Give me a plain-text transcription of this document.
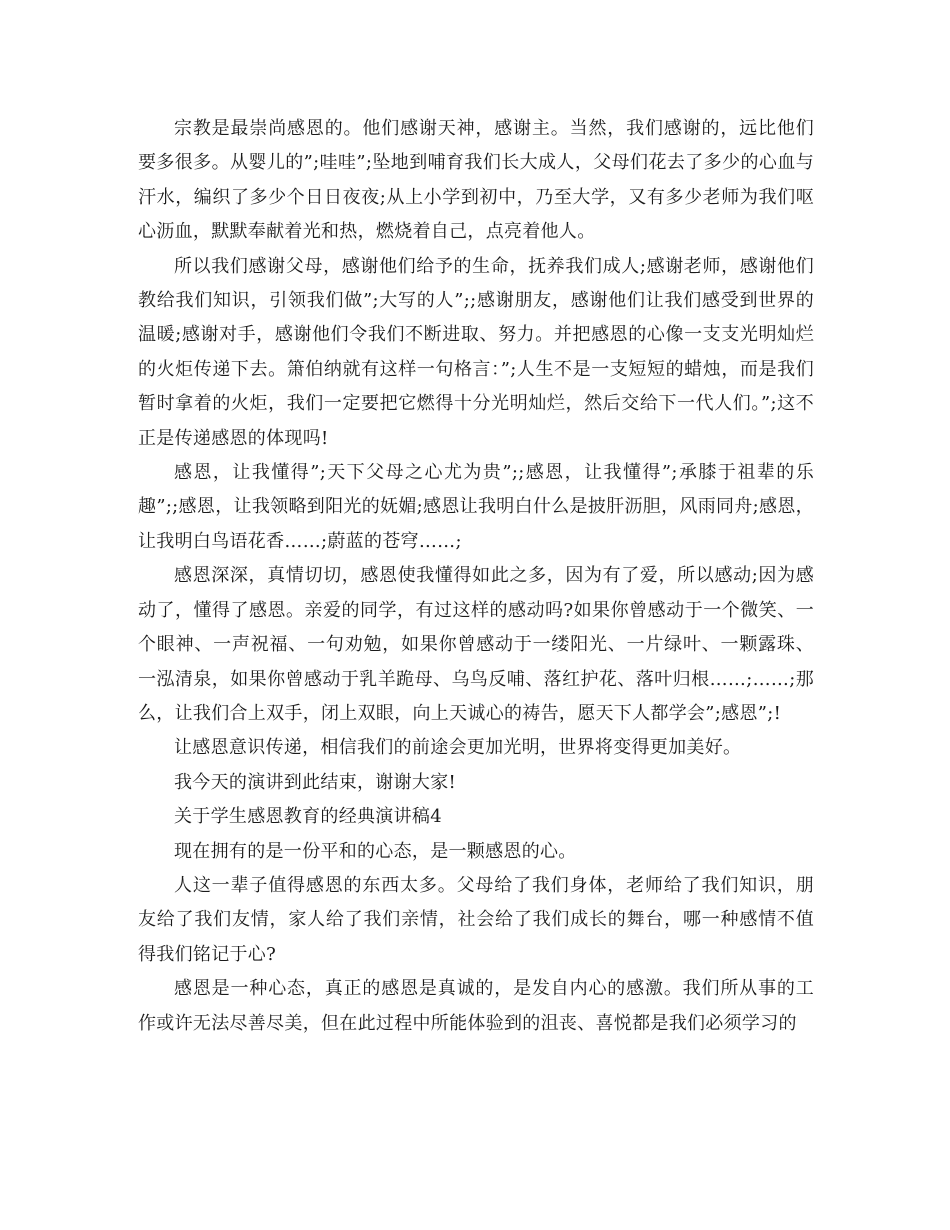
宗教是最崇尚感恩的。他们感谢天神，感谢主。当然，我们感谢的，远比他们要多很多。从婴儿的”;哇哇”;坠地到哺育我们长大成人，父母们花去了多少的心血与汗水，编织了多少个日日夜夜;从上小学到初中，乃至大学，又有多少老师为我们呕心沥血，默默奉献着光和热，燃烧着自己，点亮着他人。

所以我们感谢父母，感谢他们给予的生命，抚养我们成人;感谢老师，感谢他们教给我们知识，引领我们做”;大写的人”;;感谢朋友，感谢他们让我们感受到世界的温暖;感谢对手，感谢他们令我们不断进取、努力。并把感恩的心像一支支光明灿烂的火炬传递下去。箫伯纳就有这样一句格言：”;人生不是一支短短的蜡烛，而是我们暂时拿着的火炬，我们一定要把它燃得十分光明灿烂，然后交给下一代人们。”;这不正是传递感恩的体现吗!

感恩，让我懂得”;天下父母之心尤为贵”;;感恩，让我懂得”;承膝于祖辈的乐趣”;;感恩，让我领略到阳光的妩媚;感恩让我明白什么是披肝沥胆，风雨同舟;感恩，让我明白鸟语花香……;蔚蓝的苍穹……;

感恩深深，真情切切，感恩使我懂得如此之多，因为有了爱，所以感动;因为感动了，懂得了感恩。亲爱的同学，有过这样的感动吗?如果你曾感动于一个微笑、一个眼神、一声祝福、一句劝勉，如果你曾感动于一缕阳光、一片绿叶、一颗露珠、一泓清泉，如果你曾感动于乳羊跪母、乌鸟反哺、落红护花、落叶归根……;……;那么，让我们合上双手，闭上双眼，向上天诚心的祷告，愿天下人都学会”;感恩”;!

让感恩意识传递，相信我们的前途会更加光明，世界将变得更加美好。

我今天的演讲到此结束，谢谢大家!

关于学生感恩教育的经典演讲稿4

现在拥有的是一份平和的心态，是一颗感恩的心。

人这一辈子值得感恩的东西太多。父母给了我们身体，老师给了我们知识，朋友给了我们友情，家人给了我们亲情，社会给了我们成长的舞台，哪一种感情不值得我们铭记于心?

感恩是一种心态，真正的感恩是真诚的，是发自内心的感激。我们所从事的工作或许无法尽善尽美，但在此过程中所能体验到的沮丧、喜悦都是我们必须学习的
